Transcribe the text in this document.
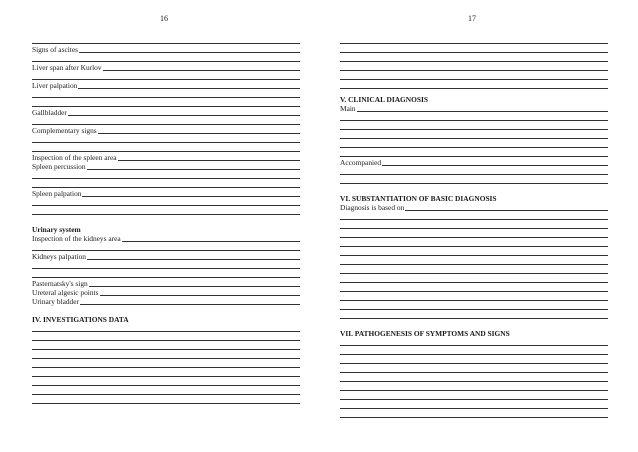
16
Signs of ascites
Liver span after Kurlov
Liver palpation
Gallbladder
Complementary signs
Inspection of the spleen area
Spleen percussion
Spleen palpation
Urinary system
Inspection of the kidneys area
Kidneys palpation
Pasternatsky's sign
Ureteral algesic points
Urinary bladder
IV. INVESTIGATIONS DATA
17
V. CLINICAL DIAGNOSIS
Main
Accompanied
VI. SUBSTANTIATION OF BASIC DIAGNOSIS
Diagnosis is based on
VII. PATHOGENESIS OF SYMPTOMS AND SIGNS
